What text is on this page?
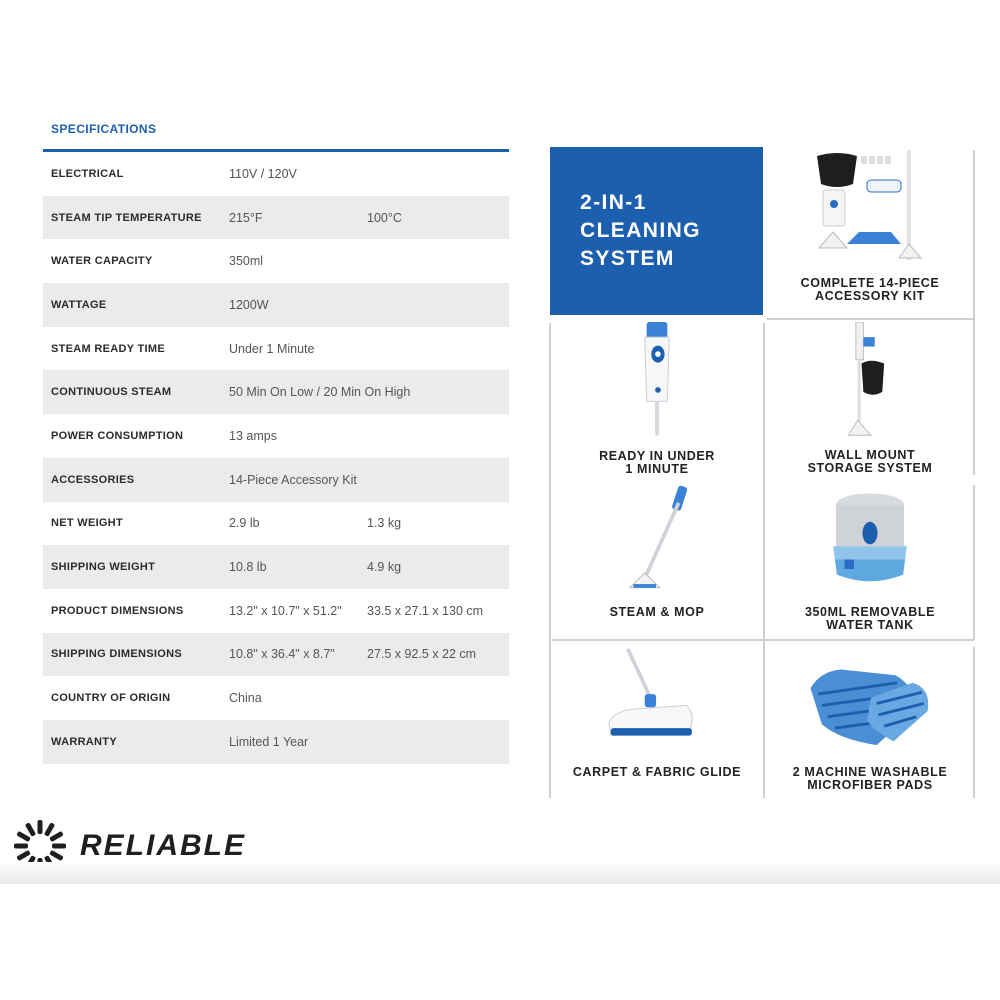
SPECIFICATIONS
ELECTRICAL	110V / 120V
STEAM TIP TEMPERATURE	215°F	100°C
WATER CAPACITY	350ml
WATTAGE	1200W
STEAM READY TIME	Under 1 Minute
CONTINUOUS STEAM	50 Min On Low / 20 Min On High
POWER CONSUMPTION	13 amps
ACCESSORIES	14-Piece Accessory Kit
NET WEIGHT	2.9 lb	1.3 kg
SHIPPING WEIGHT	10.8 lb	4.9 kg
PRODUCT DIMENSIONS	13.2" x 10.7" x 51.2"	33.5 x 27.1 x 130 cm
SHIPPING DIMENSIONS	10.8" x 36.4" x 8.7"	27.5 x 92.5 x 22 cm
COUNTRY OF ORIGIN	China
WARRANTY	Limited 1 Year
2-IN-1
CLEANING
SYSTEM
COMPLETE 14-PIECE
ACCESSORY KIT
READY IN UNDER
1 MINUTE
WALL MOUNT
STORAGE SYSTEM
STEAM & MOP	350ML REMOVABLE
WATER TANK
CARPET & FABRIC GLIDE	2 MACHINE WASHABLE
MICROFIBER PADS
RELIABLE
